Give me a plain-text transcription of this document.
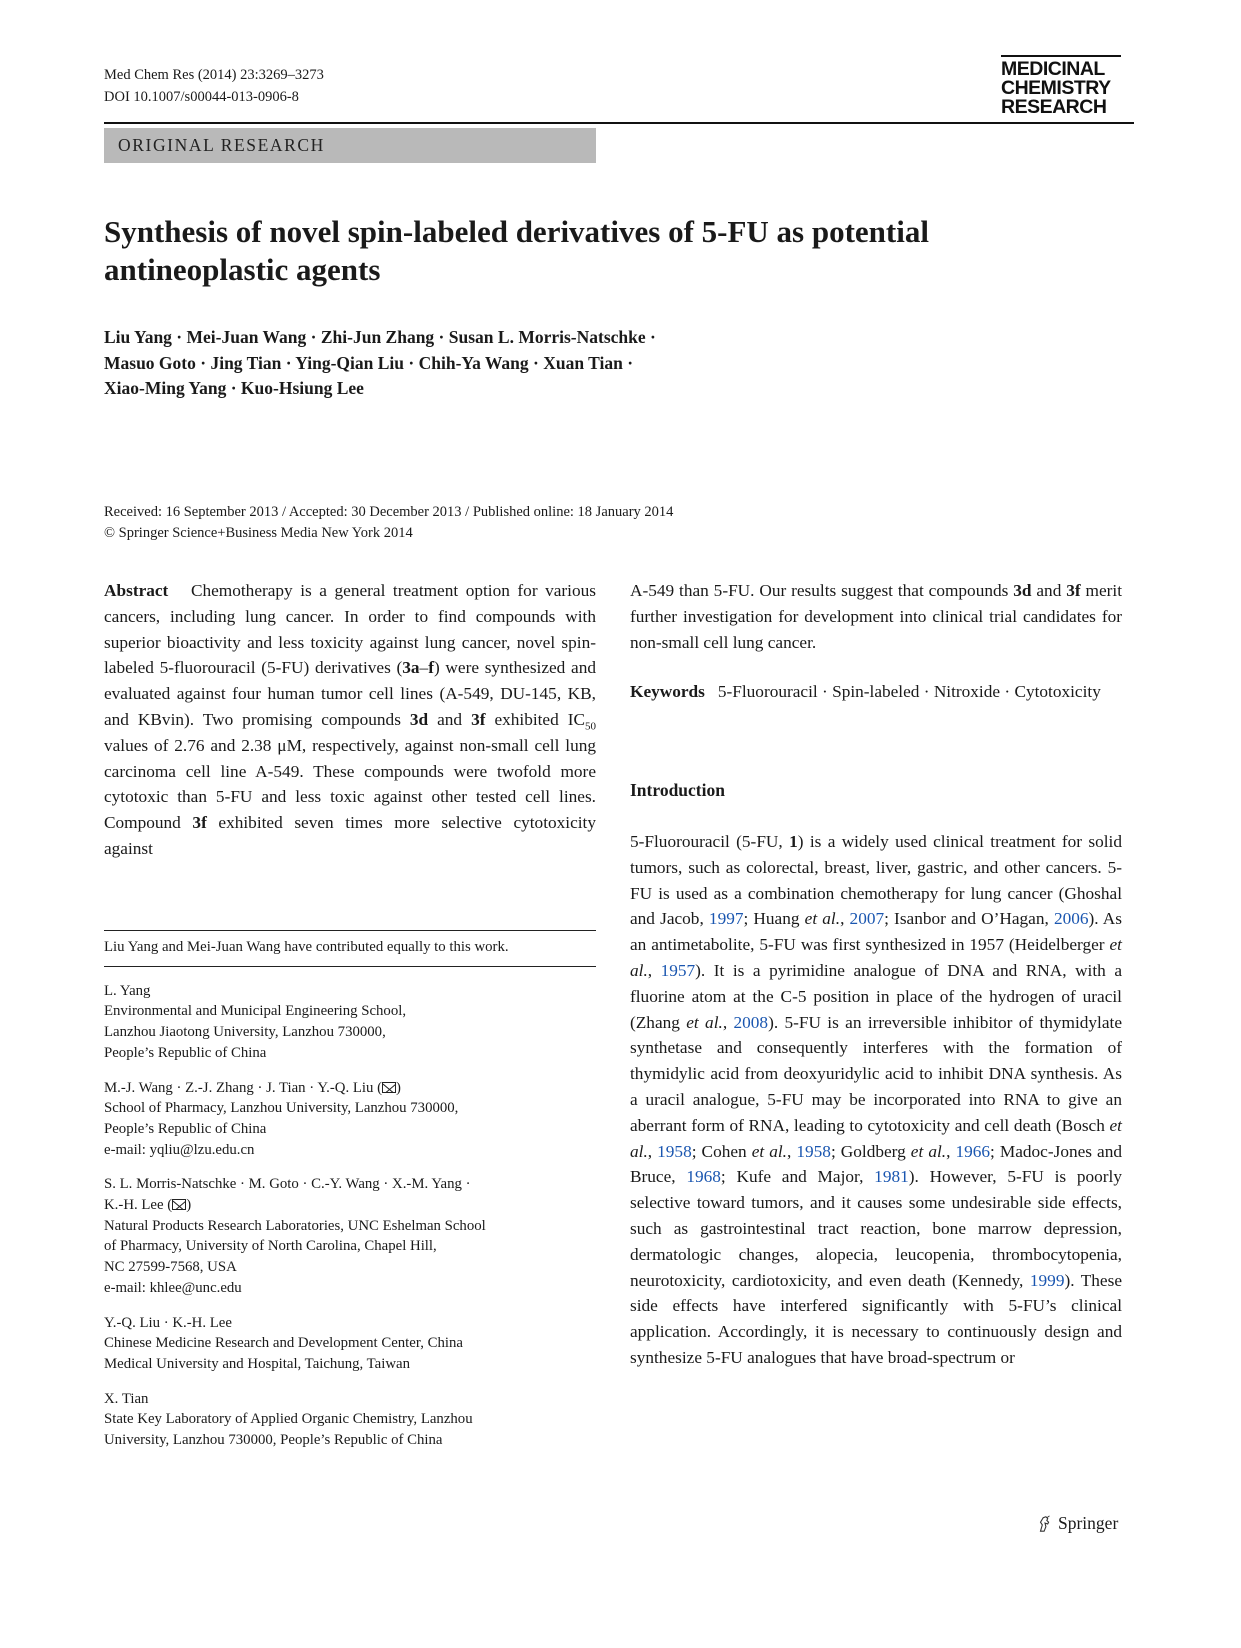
Med Chem Res (2014) 23:3269–3273
DOI 10.1007/s00044-013-0906-8
MEDICINAL
CHEMISTRY
RESEARCH
ORIGINAL RESEARCH
Synthesis of novel spin-labeled derivatives of 5-FU as potential antineoplastic agents
Liu Yang · Mei-Juan Wang · Zhi-Jun Zhang · Susan L. Morris-Natschke ·
Masuo Goto · Jing Tian · Ying-Qian Liu · Chih-Ya Wang · Xuan Tian ·
Xiao-Ming Yang · Kuo-Hsiung Lee
Received: 16 September 2013 / Accepted: 30 December 2013 / Published online: 18 January 2014
© Springer Science+Business Media New York 2014

Abstract Chemotherapy is a general treatment option for various cancers, including lung cancer. In order to find compounds with superior bioactivity and less toxicity against lung cancer, novel spin-labeled 5-fluorouracil (5-FU) derivatives (3a–f) were synthesized and evaluated against four human tumor cell lines (A-549, DU-145, KB, and KBvin). Two promising compounds 3d and 3f exhibited $IC_{50}$ values of 2.76 and 2.38 μM, respectively, against non-small cell lung carcinoma cell line A-549. These compounds were twofold more cytotoxic than 5-FU and less toxic against other tested cell lines. Compound 3f exhibited seven times more selective cytotoxicity against

Liu Yang and Mei-Juan Wang have contributed equally to this work.

L. Yang
Environmental and Municipal Engineering School,
Lanzhou Jiaotong University, Lanzhou 730000,
People’s Republic of China

M.-J. Wang · Z.-J. Zhang · J. Tian · Y.-Q. Liu ( )
School of Pharmacy, Lanzhou University, Lanzhou 730000,
People’s Republic of China
e-mail: yqliu@lzu.edu.cn

S. L. Morris-Natschke · M. Goto · C.-Y. Wang · X.-M. Yang ·
K.-H. Lee ( )
Natural Products Research Laboratories, UNC Eshelman School
of Pharmacy, University of North Carolina, Chapel Hill,
NC 27599-7568, USA
e-mail: khlee@unc.edu

Y.-Q. Liu · K.-H. Lee
Chinese Medicine Research and Development Center, China
Medical University and Hospital, Taichung, Taiwan

X. Tian
State Key Laboratory of Applied Organic Chemistry, Lanzhou
University, Lanzhou 730000, People’s Republic of China

A-549 than 5-FU. Our results suggest that compounds 3d and 3f merit further investigation for development into clinical trial candidates for non-small cell lung cancer.

Keywords 5-Fluorouracil · Spin-labeled · Nitroxide · Cytotoxicity

Introduction

5-Fluorouracil (5-FU, 1) is a widely used clinical treatment for solid tumors, such as colorectal, breast, liver, gastric, and other cancers. 5-FU is used as a combination chemotherapy for lung cancer (Ghoshal and Jacob, 1997; Huang et al., 2007; Isanbor and O’Hagan, 2006). As an antimetabolite, 5-FU was first synthesized in 1957 (Heidelberger et al., 1957). It is a pyrimidine analogue of DNA and RNA, with a fluorine atom at the C-5 position in place of the hydrogen of uracil (Zhang et al., 2008). 5-FU is an irreversible inhibitor of thymidylate synthetase and consequently interferes with the formation of thymidylic acid from deoxyuridylic acid to inhibit DNA synthesis. As a uracil analogue, 5-FU may be incorporated into RNA to give an aberrant form of RNA, leading to cytotoxicity and cell death (Bosch et al., 1958; Cohen et al., 1958; Goldberg et al., 1966; Madoc-Jones and Bruce, 1968; Kufe and Major, 1981). However, 5-FU is poorly selective toward tumors, and it causes some undesirable side effects, such as gastrointestinal tract reaction, bone marrow depression, dermatologic changes, alopecia, leucopenia, thrombocytopenia, neurotoxicity, cardiotoxicity, and even death (Kennedy, 1999). These side effects have interfered significantly with 5-FU’s clinical application. Accordingly, it is necessary to continuously design and synthesize 5-FU analogues that have broad-spectrum or

Springer
